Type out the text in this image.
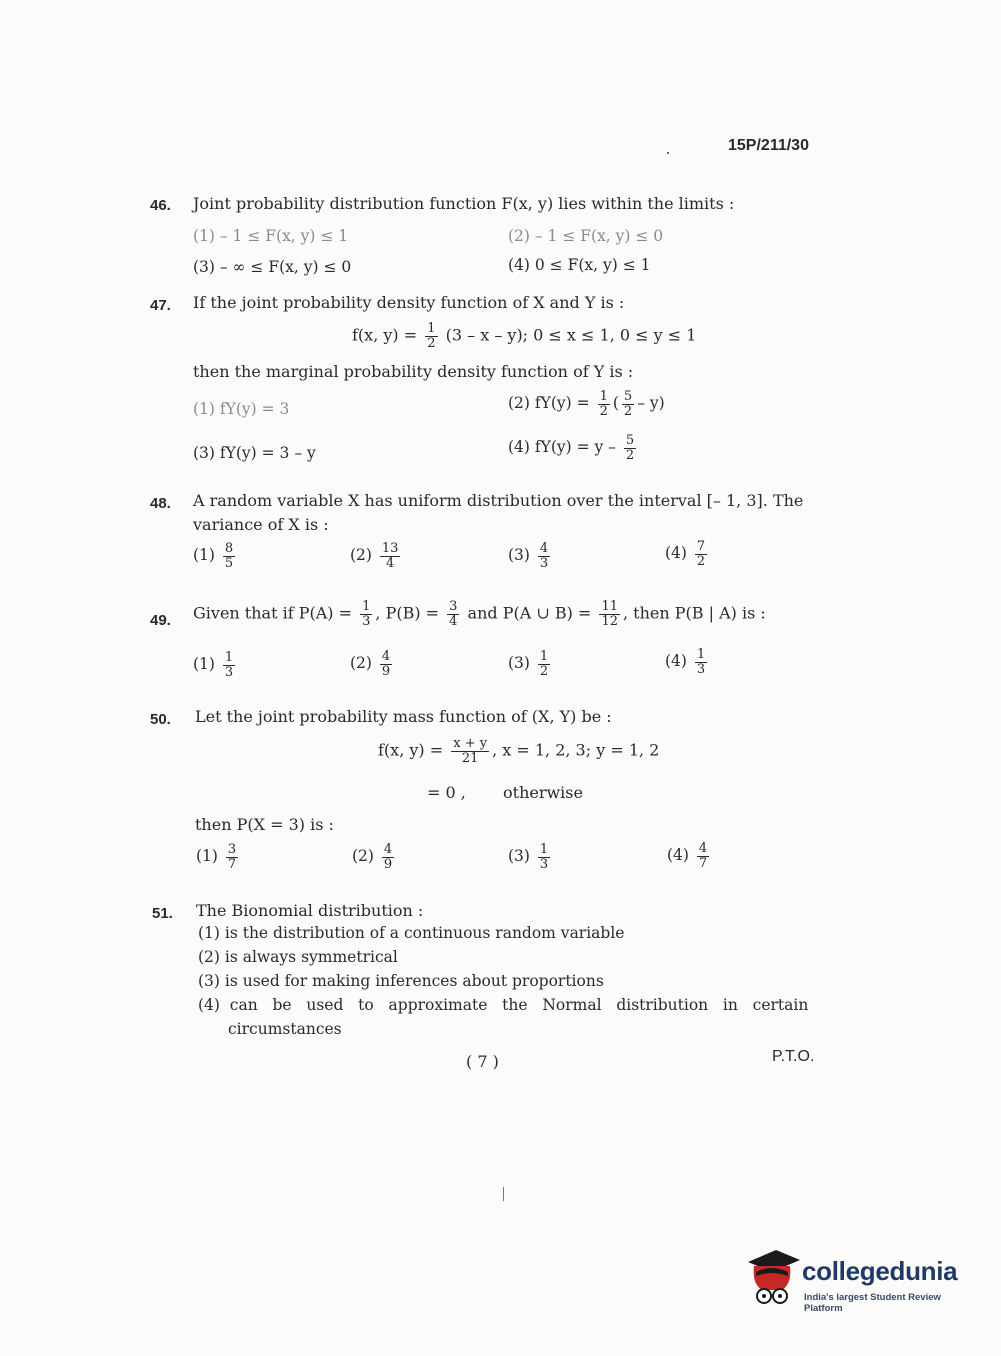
15P/211/30
46. Joint probability distribution function F(x, y) lies within the limits :
(1) – 1 ≤ F(x, y) ≤ 1	(2) – 1 ≤ F(x, y) ≤ 0
(3) – ∞ ≤ F(x, y) ≤ 0	(4) 0 ≤ F(x, y) ≤ 1
47. If the joint probability density function of X and Y is :
f(x, $y) = \frac{1}{2} (3 - x - y)$; 0 ≤ x ≤ 1, 0 ≤ y ≤ 1
then the marginal probability density function of Y is :
(1) fY(y) = 3	(2) $fY(y) = \frac{1}{2}$ ( $\frac{5}{2} - y$)
(3) fY(y) = 3 – y	(4) $fY(y) = y - \frac{5}{2}$
48. A random variable X has uniform distribution over the interval [– 1, 3]. The
variance of X is :
$(1) \frac{8}{5}$	$(2) \frac{13}{4}$	$(3) \frac{4}{3}$	$(4) \frac{7}{2}$
49. Given that if $P(A) = \frac{1}{3}$ , $P(B) = \frac{3}{4}$ and P(A ∪ $B) = \frac{11}{12}$ , then P(B | A) is :
$(1) \frac{1}{3}$	$(2) \frac{4}{9}$	$(3) \frac{1}{2}$	$(4) \frac{1}{3}$
50. Let the joint probability mass function of (X, Y) be :
f(x, $y) = \frac{x + y}{21}$ , x = 1, 2, 3; y = 1, 2
= 0 , otherwise
then P(X = 3) is :
$(1) \frac{3}{7}$	$(2) \frac{4}{9}$	$(3) \frac{1}{3}$	$(4) \frac{4}{7}$
51. The Bionomial distribution :
(1) is the distribution of a continuous random variable
(2) is always symmetrical
(3) is used for making inferences about proportions
(4)  can   be   used   to   approximate   the   Normal   distribution   in   certain
circumstances
( 7 )	P.T.O.
collegedunia
India's largest Student Review Platform
